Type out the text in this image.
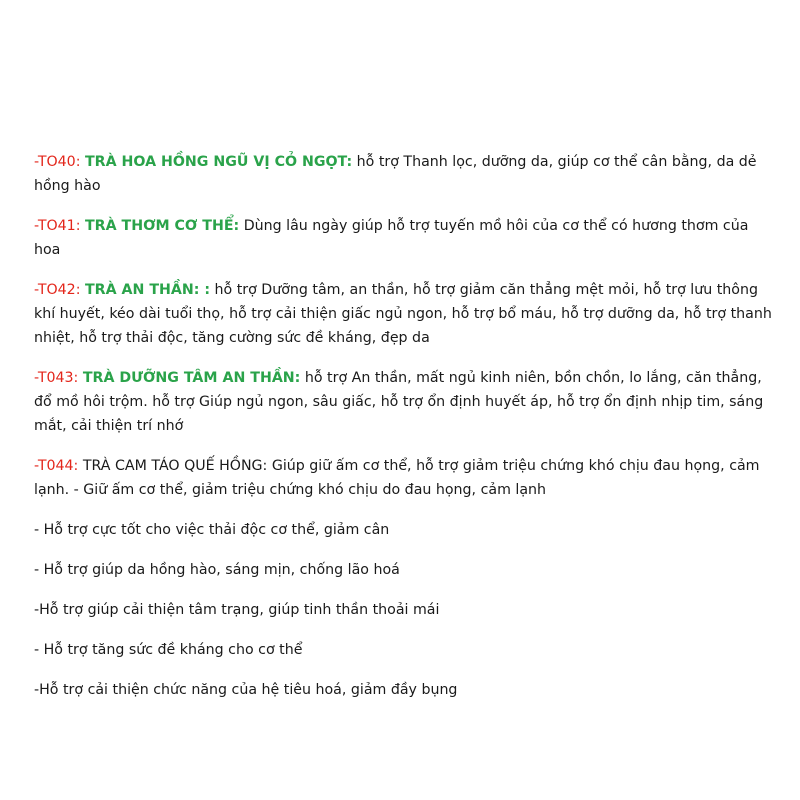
-TO40: TRÀ HOA HỒNG NGŨ VỊ CỎ NGỌT: hỗ trợ Thanh lọc, dưỡng da, giúp cơ thể cân bằng, da dẻ hồng hào

-TO41: TRÀ THƠM CƠ THỂ: Dùng lâu ngày giúp hỗ trợ tuyến mồ hôi của cơ thể có hương thơm của hoa

-TO42: TRÀ AN THẦN: : hỗ trợ Dưỡng tâm, an thần, hỗ trợ giảm căn thẳng mệt mỏi, hỗ trợ lưu thông khí huyết, kéo dài tuổi thọ, hỗ trợ cải thiện giấc ngủ ngon, hỗ trợ bổ máu, hỗ trợ dưỡng da, hỗ trợ thanh nhiệt, hỗ trợ thải độc, tăng cường sức đề kháng, đẹp da

-T043: TRÀ DƯỠNG TÂM AN THẦN: hỗ trợ An thần, mất ngủ kinh niên, bồn chồn, lo lắng, căn thẳng, đổ mồ hôi trộm. hỗ trợ Giúp ngủ ngon, sâu giấc, hỗ trợ ổn định huyết áp, hỗ trợ ổn định nhịp tim, sáng mắt, cải thiện trí nhớ

-T044: TRÀ CAM TÁO QUẾ HỒNG: Giúp giữ ấm cơ thể, hỗ trợ giảm triệu chứng khó chịu đau họng, cảm lạnh. - Giữ ấm cơ thể, giảm triệu chứng khó chịu do đau họng, cảm lạnh

- Hỗ trợ cực tốt cho việc thải độc cơ thể, giảm cân

- Hỗ trợ giúp da hồng hào, sáng mịn, chống lão hoá

-Hỗ trợ giúp cải thiện tâm trạng, giúp tinh thần thoải mái

- Hỗ trợ tăng sức đề kháng cho cơ thể

-Hỗ trợ cải thiện chức năng của hệ tiêu hoá, giảm đầy bụng
